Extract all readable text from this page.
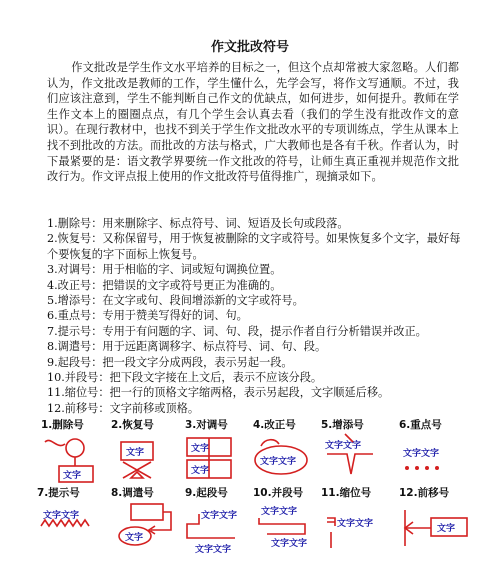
作文批改符号

作文批改是学生作文水平培养的目标之一，但这个点却常被大家忽略。人们都认为，作文批改是教师的工作，学生懂什么，先学会写，将作文写通顺。不过，我们应该注意到，学生不能判断自己作文的优缺点，如何进步，如何提升。教师在学生作文本上的圈圈点点，有几个学生会认真去看（我们的学生没有批改作文的意识）。在现行教材中，也找不到关于学生作文批改水平的专项训练点，学生从课本上找不到批改的方法。而批改的方法与格式，广大教师也是各有千秋。作者认为，时下最紧要的是：语文教学界要统一作文批改的符号，让师生真正重视并规范作文批改行为。作文评点报上使用的作文批改符号值得推广，现摘录如下。

1.删除号：用来删除字、标点符号、词、短语及长句或段落。
2.恢复号：又称保留号，用于恢复被删除的文字或符号。如果恢复多个文字，最好每个要恢复的字下面标上恢复号。
3.对调号：用于相临的字、词或短句调换位置。
4.改正号：把错误的文字或符号更正为准确的。
5.增添号：在文字或句、段间增添新的文字或符号。
6.重点号：专用于赞美写得好的词、句。
7.提示号：专用于有问题的字、词、句、段，提示作者自行分析错误并改正。
8.调遣号：用于远距离调移字、标点符号、词、句、段。
9.起段号：把一段文字分成两段，表示另起一段。
10.并段号：把下段文字接在上文后，表示不应该分段。
11.缩位号：把一行的顶格文字缩两格，表示另起段，文字顺延后移。
12.前移号：文字前移或顶格。
1.删除号
文字
2.恢复号
文字
3.对调号
文字
文字
4.改正号
文字文字
5.增添号
文字文字
6.重点号
文字文字
7.提示号
文字文字
8.调遣号
文字
9.起段号
文字文字
文字文字
10.并段号
文字文字
文字文字
11.缩位号
文字文字
12.前移号
文字
